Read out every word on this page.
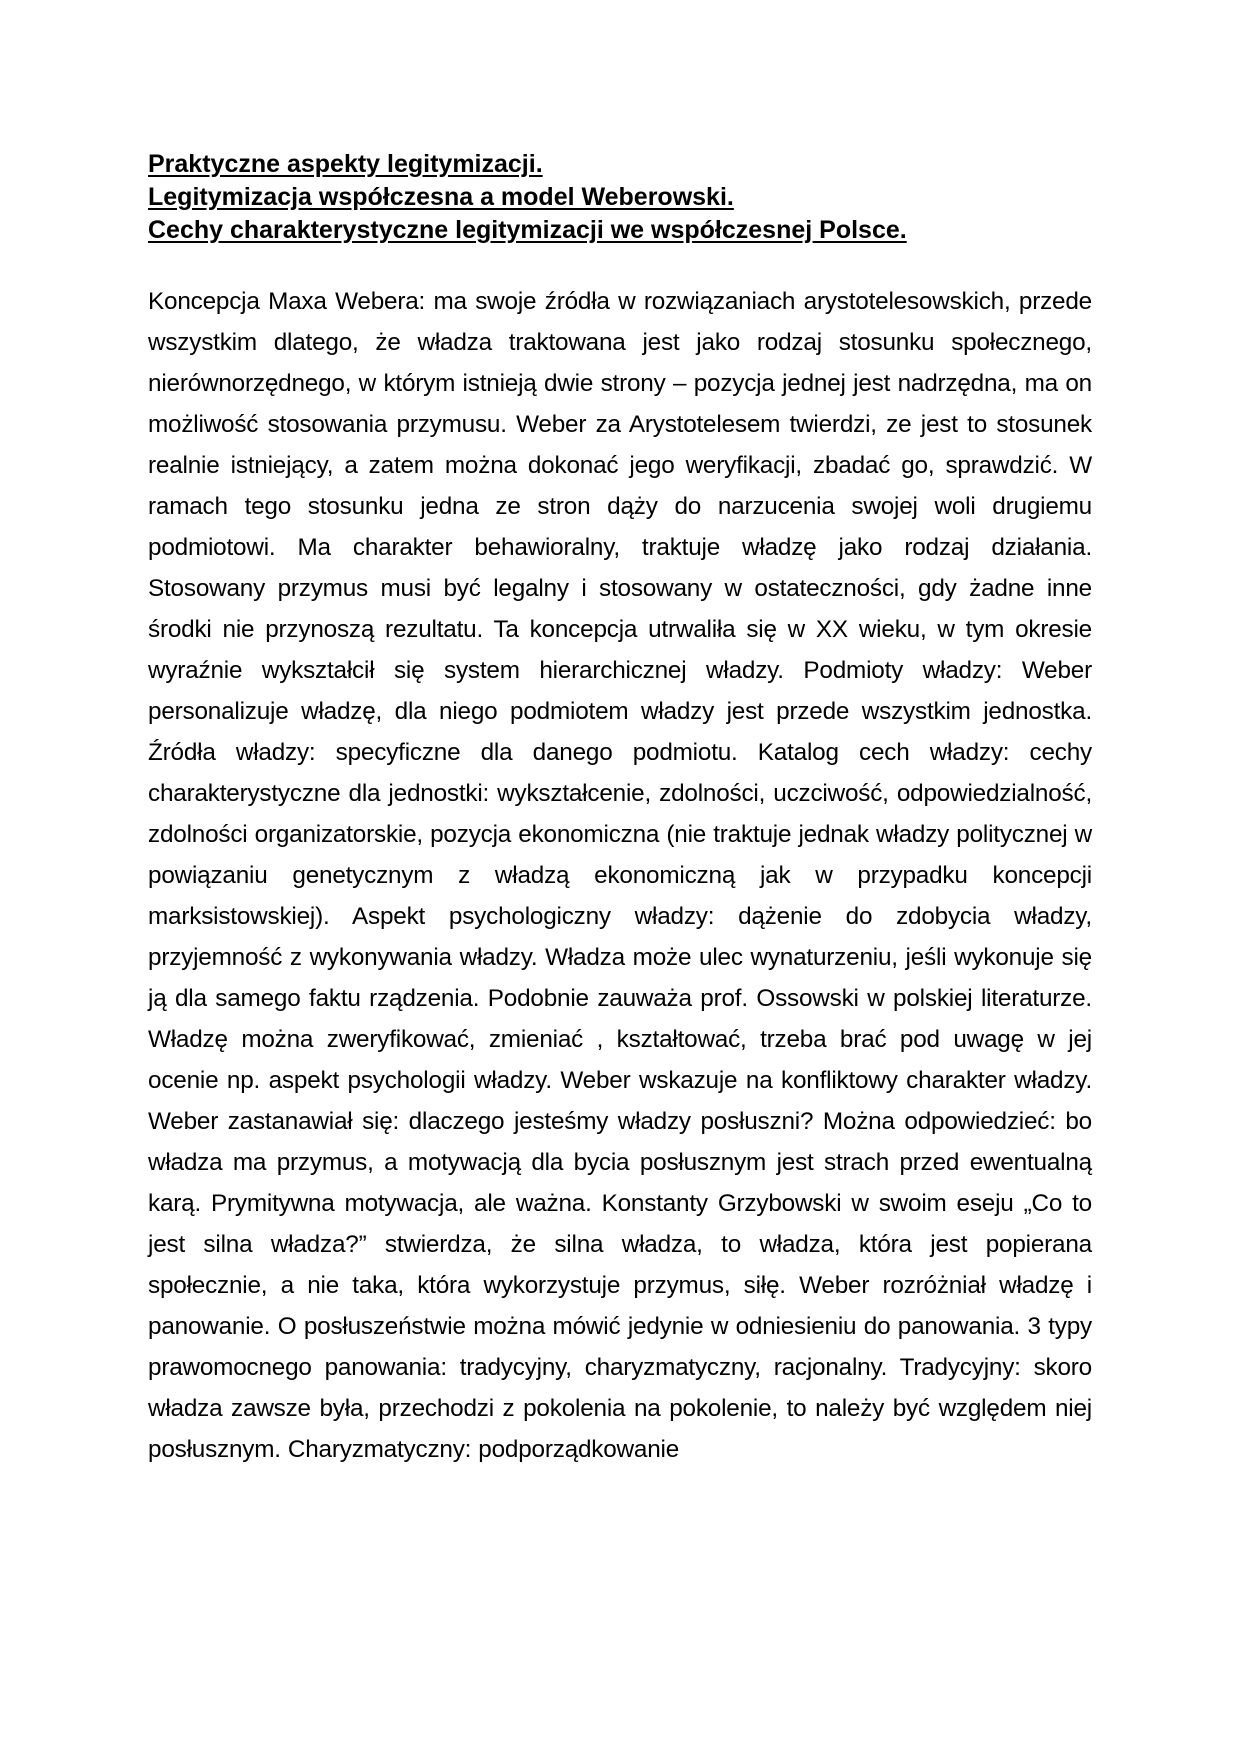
Praktyczne aspekty legitymizacji.

Legitymizacja współczesna a model Weberowski.

Cechy charakterystyczne legitymizacji we współczesnej Polsce.

Koncepcja Maxa Webera: ma swoje źródła w rozwiązaniach arystotelesowskich, przede wszystkim dlatego, że władza traktowana jest jako rodzaj stosunku społecznego, nierównorzędnego, w którym istnieją dwie strony – pozycja jednej jest nadrzędna, ma on możliwość stosowania przymusu. Weber za Arystotelesem twierdzi, ze jest to stosunek realnie istniejący, a zatem można dokonać jego weryfikacji, zbadać go, sprawdzić. W ramach tego stosunku jedna ze stron dąży do narzucenia swojej woli drugiemu podmiotowi. Ma charakter behawioralny, traktuje władzę jako rodzaj działania. Stosowany przymus musi być legalny i stosowany w ostateczności, gdy żadne inne środki nie przynoszą rezultatu. Ta koncepcja utrwaliła się w XX wieku, w tym okresie wyraźnie wykształcił się system hierarchicznej władzy. Podmioty władzy: Weber personalizuje władzę, dla niego podmiotem władzy jest przede wszystkim jednostka. Źródła władzy: specyficzne dla danego podmiotu. Katalog cech władzy: cechy charakterystyczne dla jednostki: wykształcenie, zdolności, uczciwość, odpowiedzialność, zdolności organizatorskie, pozycja ekonomiczna (nie traktuje jednak władzy politycznej w powiązaniu genetycznym z władzą ekonomiczną jak w przypadku koncepcji marksistowskiej). Aspekt psychologiczny władzy: dążenie do zdobycia władzy, przyjemność z wykonywania władzy. Władza może ulec wynaturzeniu, jeśli wykonuje się ją dla samego faktu rządzenia. Podobnie zauważa prof. Ossowski w polskiej literaturze. Władzę można zweryfikować, zmieniać , kształtować, trzeba brać pod uwagę w jej ocenie np. aspekt psychologii władzy. Weber wskazuje na konfliktowy charakter władzy. Weber zastanawiał się: dlaczego jesteśmy władzy posłuszni? Można odpowiedzieć: bo władza ma przymus, a motywacją dla bycia posłusznym jest strach przed ewentualną karą. Prymitywna motywacja, ale ważna. Konstanty Grzybowski w swoim eseju „Co to jest silna władza?” stwierdza, że silna władza, to władza, która jest popierana społecznie, a nie taka, która wykorzystuje przymus, siłę. Weber rozróżniał władzę i panowanie. O posłuszeństwie można mówić jedynie w odniesieniu do panowania. 3 typy prawomocnego panowania: tradycyjny, charyzmatyczny, racjonalny. Tradycyjny: skoro władza zawsze była, przechodzi z pokolenia na pokolenie, to należy być względem niej posłusznym. Charyzmatyczny: podporządkowanie
